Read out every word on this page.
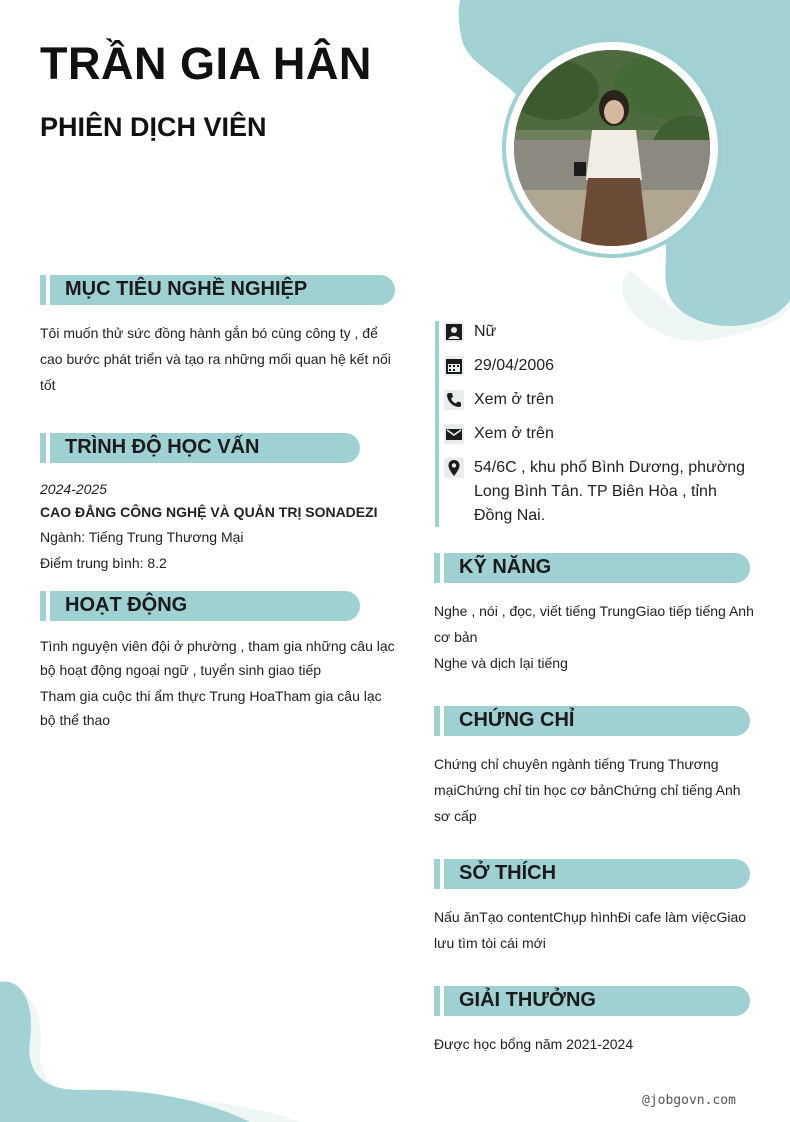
TRẦN GIA HÂN
PHIÊN DỊCH VIÊN
MỤC TIÊU NGHỀ NGHIỆP
Tôi muốn thử sức đồng hành gắn bó cùng công ty , để
cao bước phát triển và tạo ra những mối quan hệ kết nối
tốt
TRÌNH ĐỘ HỌC VẤN
2024-2025
CAO ĐẲNG CÔNG NGHỆ VÀ QUẢN TRỊ SONADEZI
Ngành: Tiếng Trung Thương Mại
Điểm trung bình: 8.2
HOẠT ĐỘNG
Tình nguyện viên đội ở phường , tham gia những câu lạc
bộ hoạt động ngoại ngữ , tuyển sinh giao tiếp
Tham gia cuộc thi ẩm thực Trung HoaTham gia câu lạc
bộ thể thao
Nữ
29/04/2006
Xem ở trên
Xem ở trên
54/6C , khu phố Bình Dương, phường
Long Bình Tân. TP Biên Hòa , tỉnh
Đồng Nai.
KỸ NĂNG
Nghe , nói , đọc, viết tiếng TrungGiao tiếp tiếng Anh
cơ bản
Nghe và dịch lại tiếng
CHỨNG CHỈ
Chứng chỉ chuyên ngành tiếng Trung Thương
mạiChứng chỉ tin học cơ bảnChứng chỉ tiếng Anh
sơ cấp
SỞ THÍCH
Nấu ănTạo contentChụp hìnhĐi cafe làm việcGiao
lưu tìm tòi cái mới
GIẢI THƯỞNG
Được học bổng năm 2021-2024
@jobgovn.com
